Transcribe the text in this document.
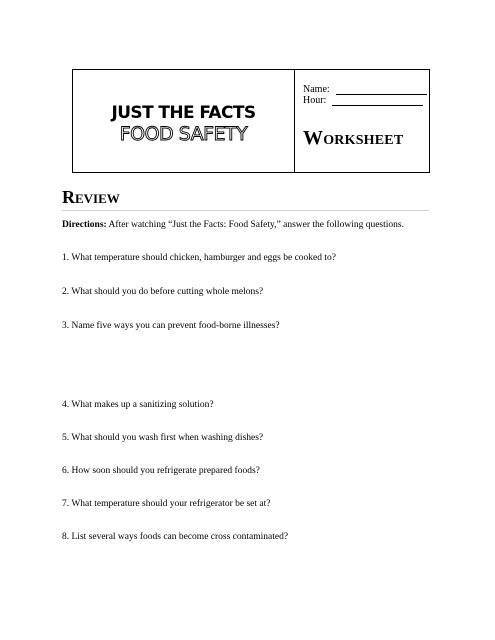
JUST THE FACTS
FOOD SAFETY
Name:
Hour:
Worksheet
Review
Directions: After watching “Just the Facts: Food Safety,” answer the following questions.
1. What temperature should chicken, hamburger and eggs be cooked to?
2. What should you do before cutting whole melons?
3. Name five ways you can prevent food-borne illnesses?
4. What makes up a sanitizing solution?
5. What should you wash first when washing dishes?
6. How soon should you refrigerate prepared foods?
7. What temperature should your refrigerator be set at?
8. List several ways foods can become cross contaminated?
